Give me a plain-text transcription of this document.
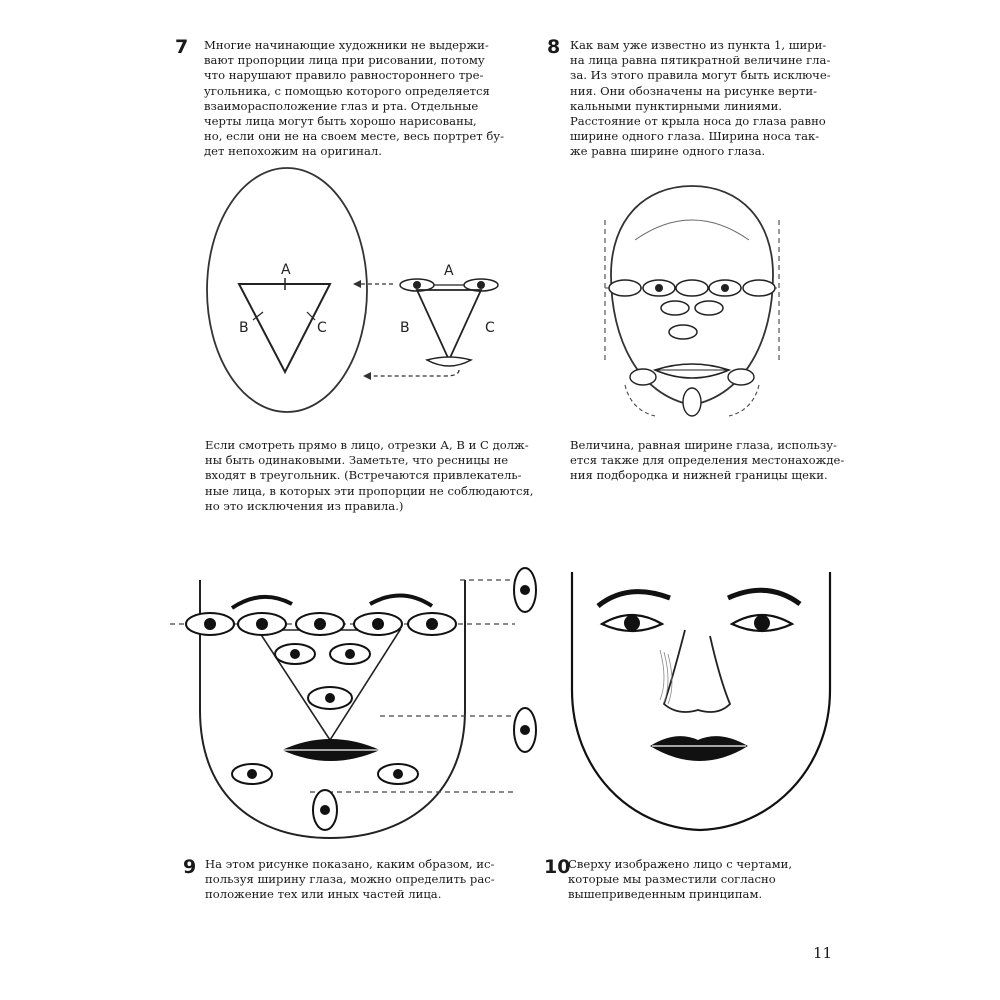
7 Многие начинающие художники не выдержи-

вают пропорции лица при рисовании, потому

что нарушают правило равностороннего тре-

угольника, с помощью которого определяется

взаиморасположение глаз и рта. Отдельные

черты лица могут быть хорошо нарисованы,

но, если они не на своем месте, весь портрет бу-

дет непохожим на оригинал.

8 Как вам уже известно из пункта 1, шири-

на лица равна пятикратной величине гла-

за. Из этого правила могут быть исключе-

ния. Они обозначены на рисунке верти-

кальными пунктирными линиями.

Расстояние от крыла носа до глаза равно

ширине одного глаза. Ширина носа так-

же равна ширине одного глаза.

A
B	C
A
B	C

Если смотреть прямо в лицо, отрезки А, В и С долж-

ны быть одинаковыми. Заметьте, что ресницы не

входят в треугольник. (Встречаются привлекатель-

ные лица, в которых эти пропорции не соблюдаются,

но это исключения из правила.)

Величина, равная ширине глаза, использу-

ется также для определения местонахожде-

ния подбородка и нижней границы щеки.

9 На этом рисунке показано, каким образом, ис-

пользуя ширину глаза, можно определить рас-

положение тех или иных частей лица.

10

Сверху изображено лицо с чертами,

которые мы разместили согласно

вышеприведенным принципам.

11
